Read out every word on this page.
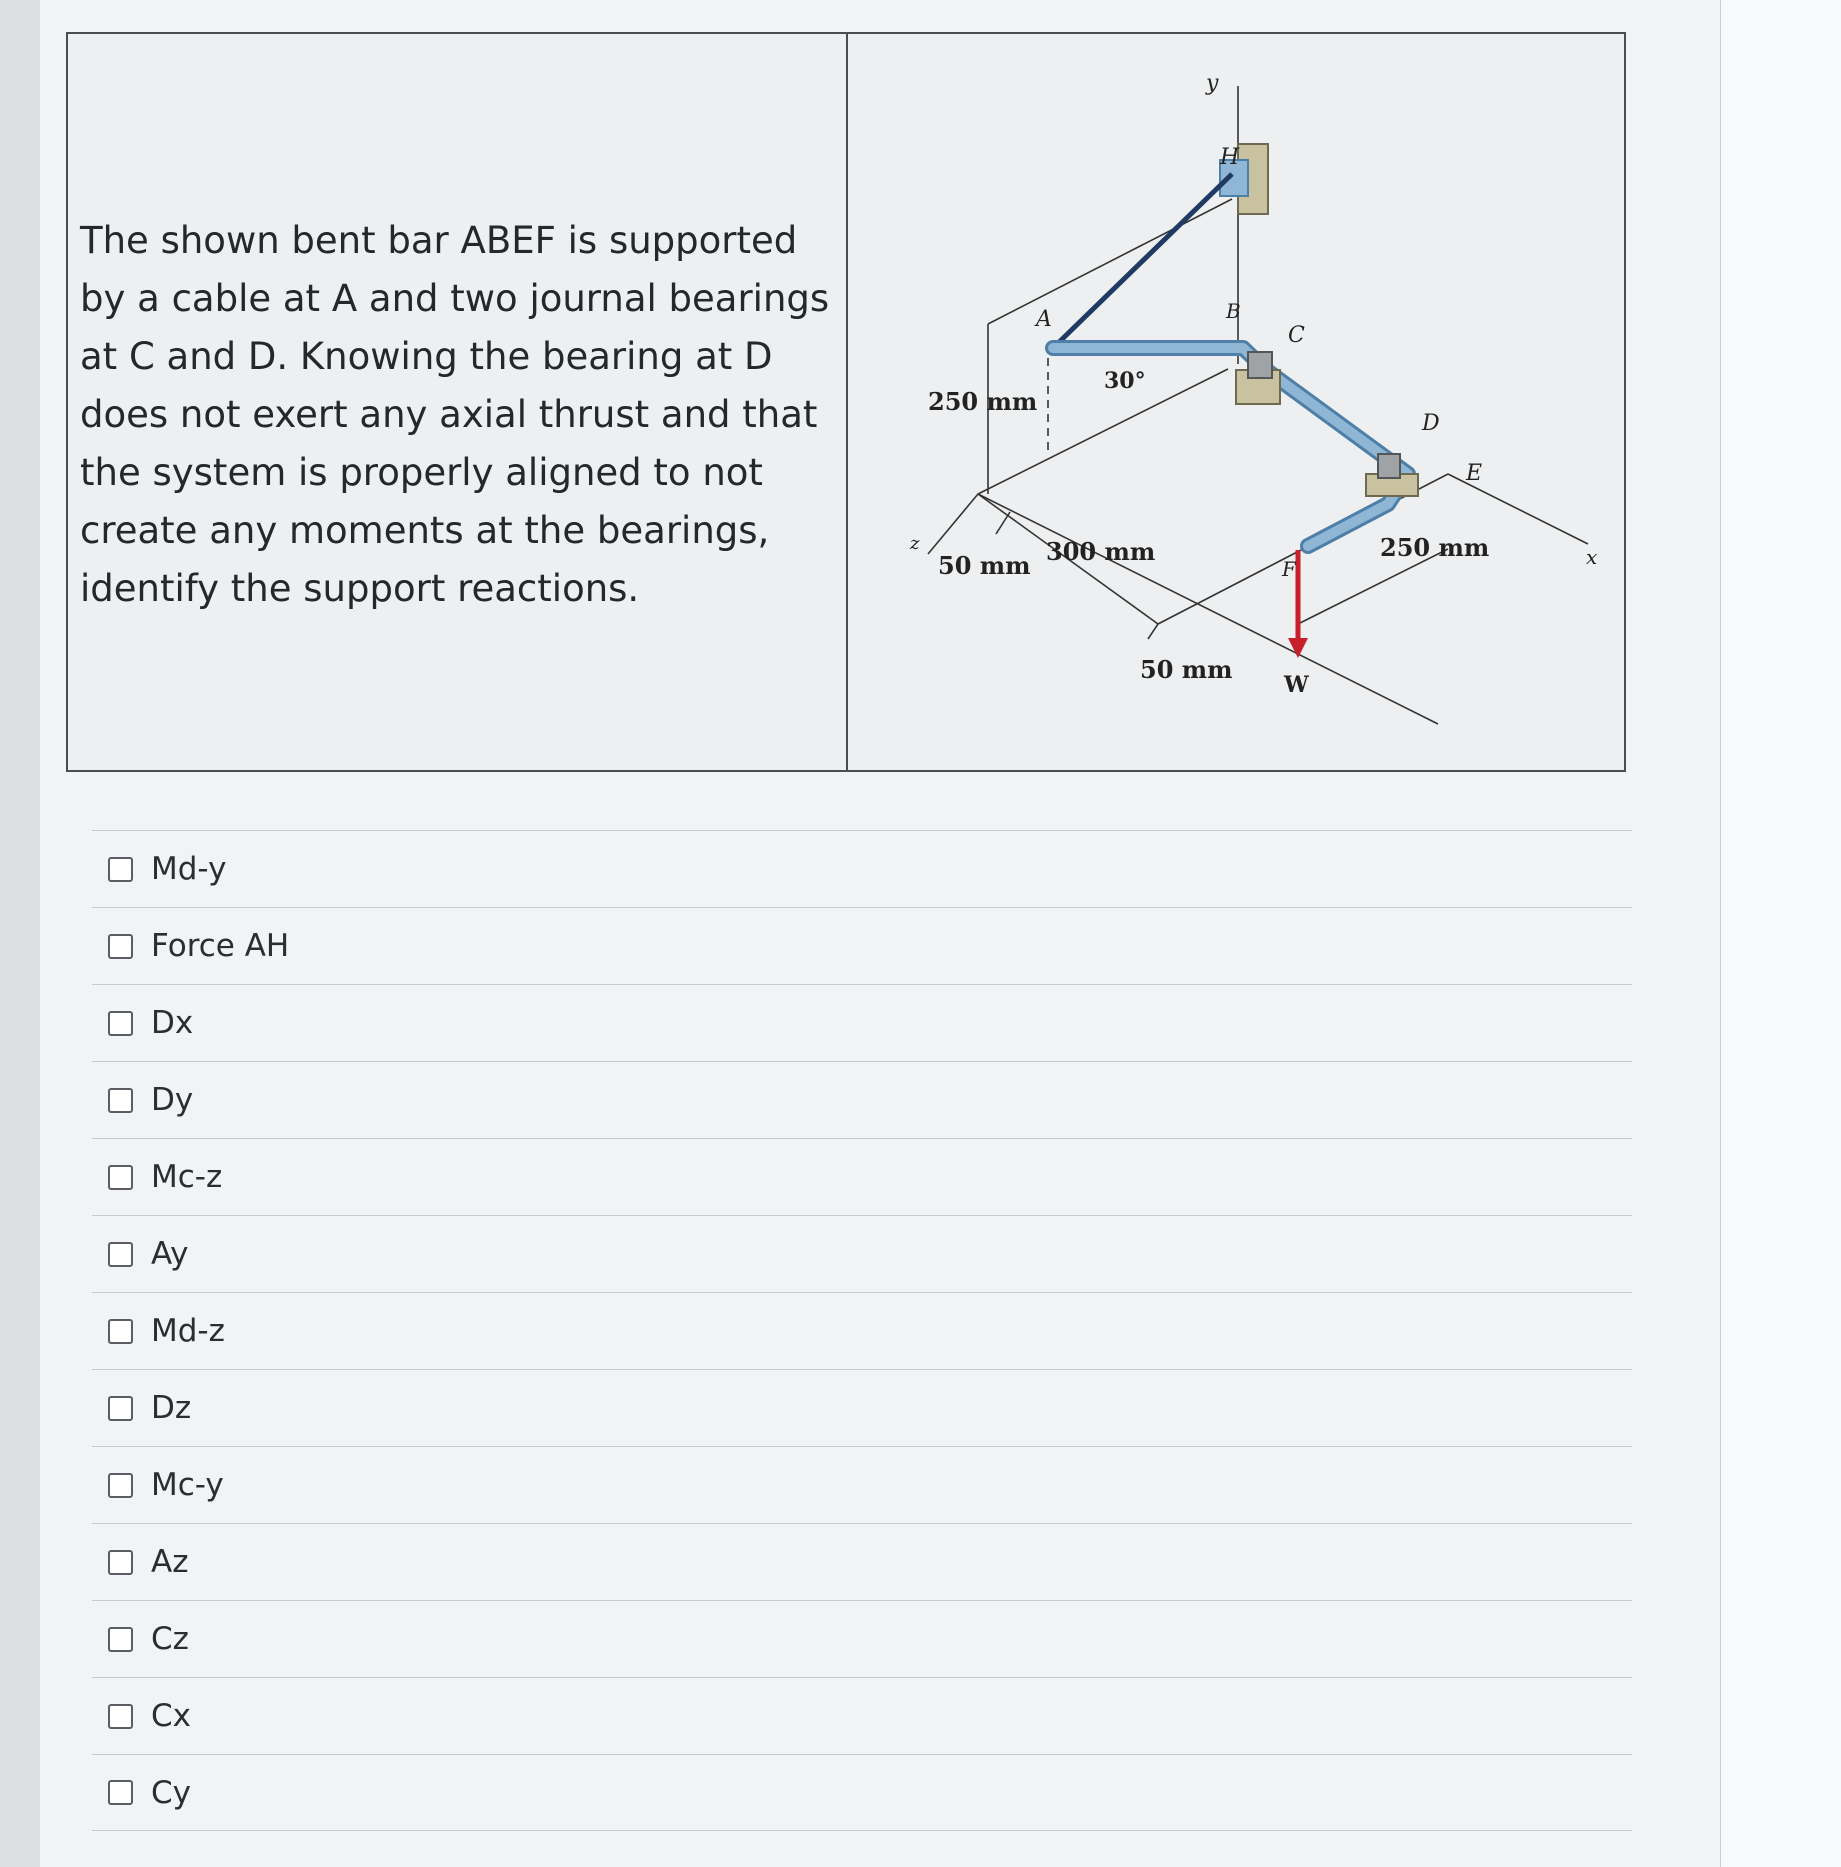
The shown bent bar ABEF is supported by a cable at A and two journal bearings at C and D. Knowing the bearing at D does not exert any axial thrust and that the system is properly aligned to not create any moments at the bearings, identify the support reactions.
y
z
x
A
H
B
C
D
E
F
250 mm
30°
50 mm 300 mm
50 mm
250 mm
W
Md-y
Force AH
Dx
Dy
Mc-z
Ay
Md-z
Dz
Mc-y
Az
Cz
Cx
Cy
